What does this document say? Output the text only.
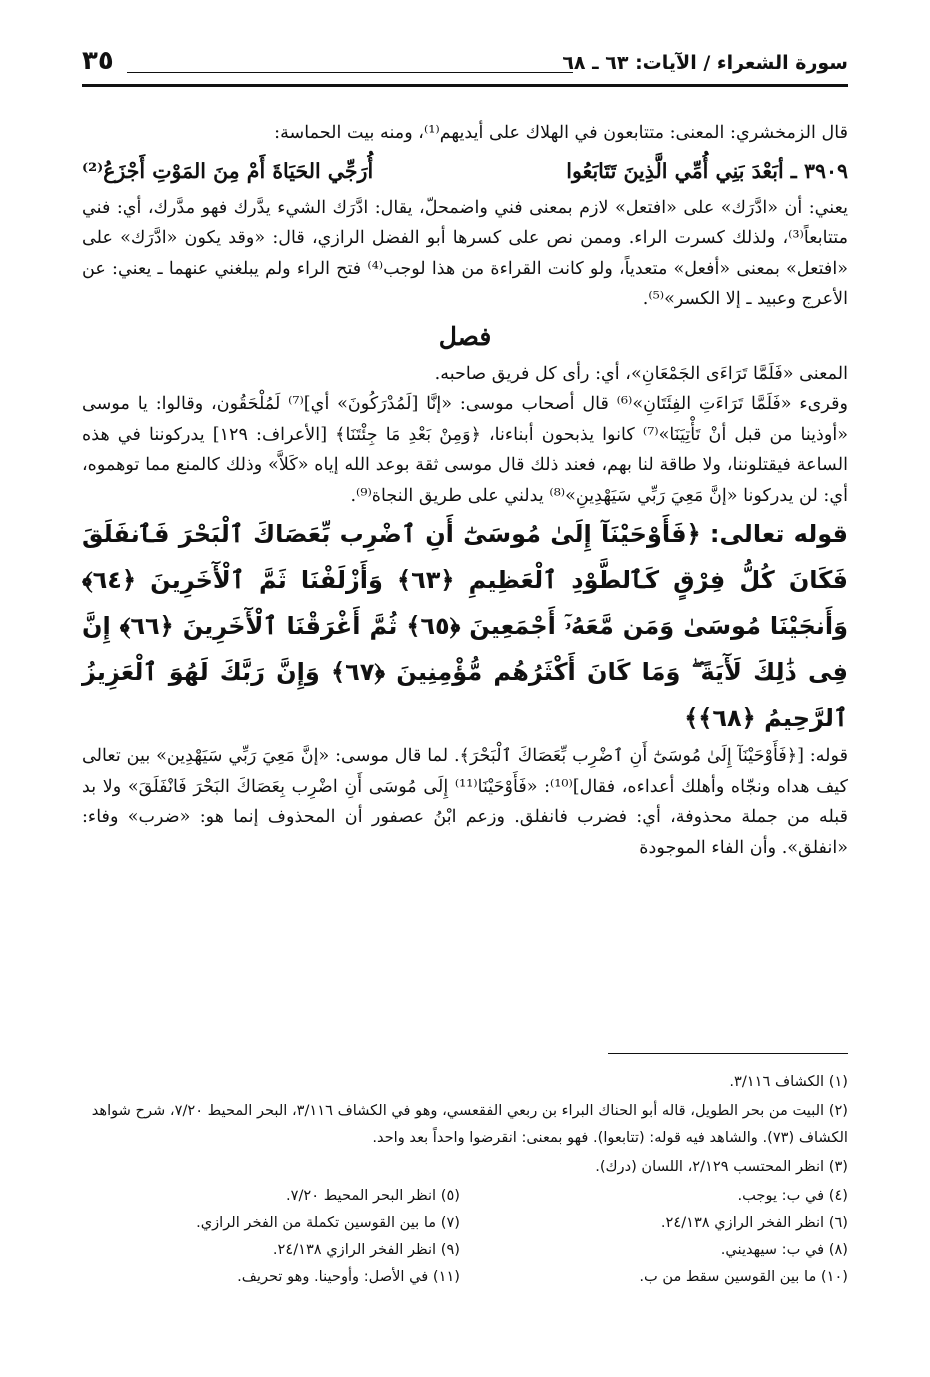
سورة الشعراء / الآيات: ٦٣ ـ ٦٨
٣٥

قال الزمخشري: المعنى: متتابعون في الهلاك على أيديهم⁽¹⁾، ومنه بيت الحماسة:

٣٩٠٩ ـ أبَعْدَ بَنِي أُمِّي الَّذِينَ تَتَابَعُوا
أُرَجِّي الحَيَاةَ أَمْ مِنَ المَوْتِ أَجْزَعُ⁽²⁾

يعني: أن «ادَّرَك» على «افتعل» لازم بمعنى فني واضمحلّ، يقال: ادَّرَك الشيء يدَّرك فهو مدَّرك، أي: فني متتابعاً⁽³⁾، ولذلك كسرت الراء. وممن نص على كسرها أبو الفضل الرازي، قال: «وقد يكون «ادَّرَك» على «افتعل» بمعنى «أفعل» متعدياً، ولو كانت القراءة من هذا لوجب⁽⁴⁾ فتح الراء ولم يبلغني عنهما ـ يعني: عن الأعرج وعبيد ـ إلا الكسر»⁽⁵⁾.

فصل

المعنى «فَلَمَّا تَرَاءَى الجَمْعَانِ»، أي: رأى كل فريق صاحبه.

وقرىء «فَلَمَّا تَرَاءَتِ الفِئَتَانِ»⁽⁶⁾ قال أصحاب موسى: «إنَّا [لَمُدْرَكُونَ» أي]⁽⁷⁾ لَمُلْحَقُون، وقالوا: يا موسى «أوذينا من قبل أنْ تَأْتِيَنَا»⁽⁷⁾ كانوا يذبحون أبناءنا، ﴿وَمِنْ بَعْدِ مَا جِئْتَنَا﴾ [الأعراف: ١٢٩] يدركوننا في هذه الساعة فيقتلوننا، ولا طاقة لنا بهم، فعند ذلك قال موسى ثقة بوعد الله إياه «كَلاَّ» وذلك كالمنع مما توهموه، أي: لن يدركونا «إنَّ مَعِيَ رَبِّي سَيَهْدِينِ»⁽⁸⁾ يدلني على طريق النجاة⁽⁹⁾.

قوله تعالى: ﴿فَأَوْحَيْنَآ إِلَىٰ مُوسَىٰٓ أَنِ ٱضْرِب بِّعَصَاكَ ٱلْبَحْرَ فَٱنفَلَقَ فَكَانَ كُلُّ فِرْقٍ كَٱلطَّوْدِ ٱلْعَظِيمِ ﴿٦٣﴾ وَأَزْلَفْنَا ثَمَّ ٱلْأٓخَرِينَ ﴿٦٤﴾ وَأَنجَيْنَا مُوسَىٰ وَمَن مَّعَهُۥٓ أَجْمَعِينَ ﴿٦٥﴾ ثُمَّ أَغْرَقْنَا ٱلْأٓخَرِينَ ﴿٦٦﴾ إِنَّ فِى ذَٰلِكَ لَأٓيَةً ۖ وَمَا كَانَ أَكْثَرُهُم مُّؤْمِنِينَ ﴿٦٧﴾ وَإِنَّ رَبَّكَ لَهُوَ ٱلْعَزِيزُ ٱلرَّحِيمُ ﴿٦٨﴾﴾

قوله: [﴿فَأَوْحَيْنَآ إِلَىٰ مُوسَىٰٓ أَنِ ٱضْرِب بِّعَصَاكَ ٱلْبَحْرَ﴾. لما قال موسى: «إنَّ مَعِيَ رَبِّي سَيَهْدِين» بين تعالى كيف هداه ونجّاه وأهلك أعداءه، فقال]⁽¹⁰⁾: «فَأَوْحَيْنَا⁽¹¹⁾ إِلَى مُوسَى أَنِ اضْرِب بِعَصَاكَ البَحْرَ فَانْفَلَقَ» ولا بد قبله من جملة محذوفة، أي: فضرب فانفلق. وزعم ابْنُ عصفور أن المحذوف إنما هو: «ضرب» وفاء: «انفلق». وأن الفاء الموجودة

(١) الكشاف ٣/١١٦.
(٢) البيت من بحر الطويل، قاله أبو الحناك البراء بن ربعي الفقعسي، وهو في الكشاف ٣/١١٦، البحر المحيط ٧/٢٠، شرح شواهد الكشاف (٧٣). والشاهد فيه قوله: (تتابعوا). فهو بمعنى: انقرضوا واحداً بعد واحد.
(٣) انظر المحتسب ٢/١٢٩، اللسان (درك).
(٤) في ب: يوجب.
(٥) انظر البحر المحيط ٧/٢٠.
(٦) انظر الفخر الرازي ٢٤/١٣٨.
(٧) ما بين القوسين تكملة من الفخر الرازي.
(٨) في ب: سيهديني.
(٩) انظر الفخر الرازي ٢٤/١٣٨.
(١٠) ما بين القوسين سقط من ب.
(١١) في الأصل: وأوحينا. وهو تحريف.
